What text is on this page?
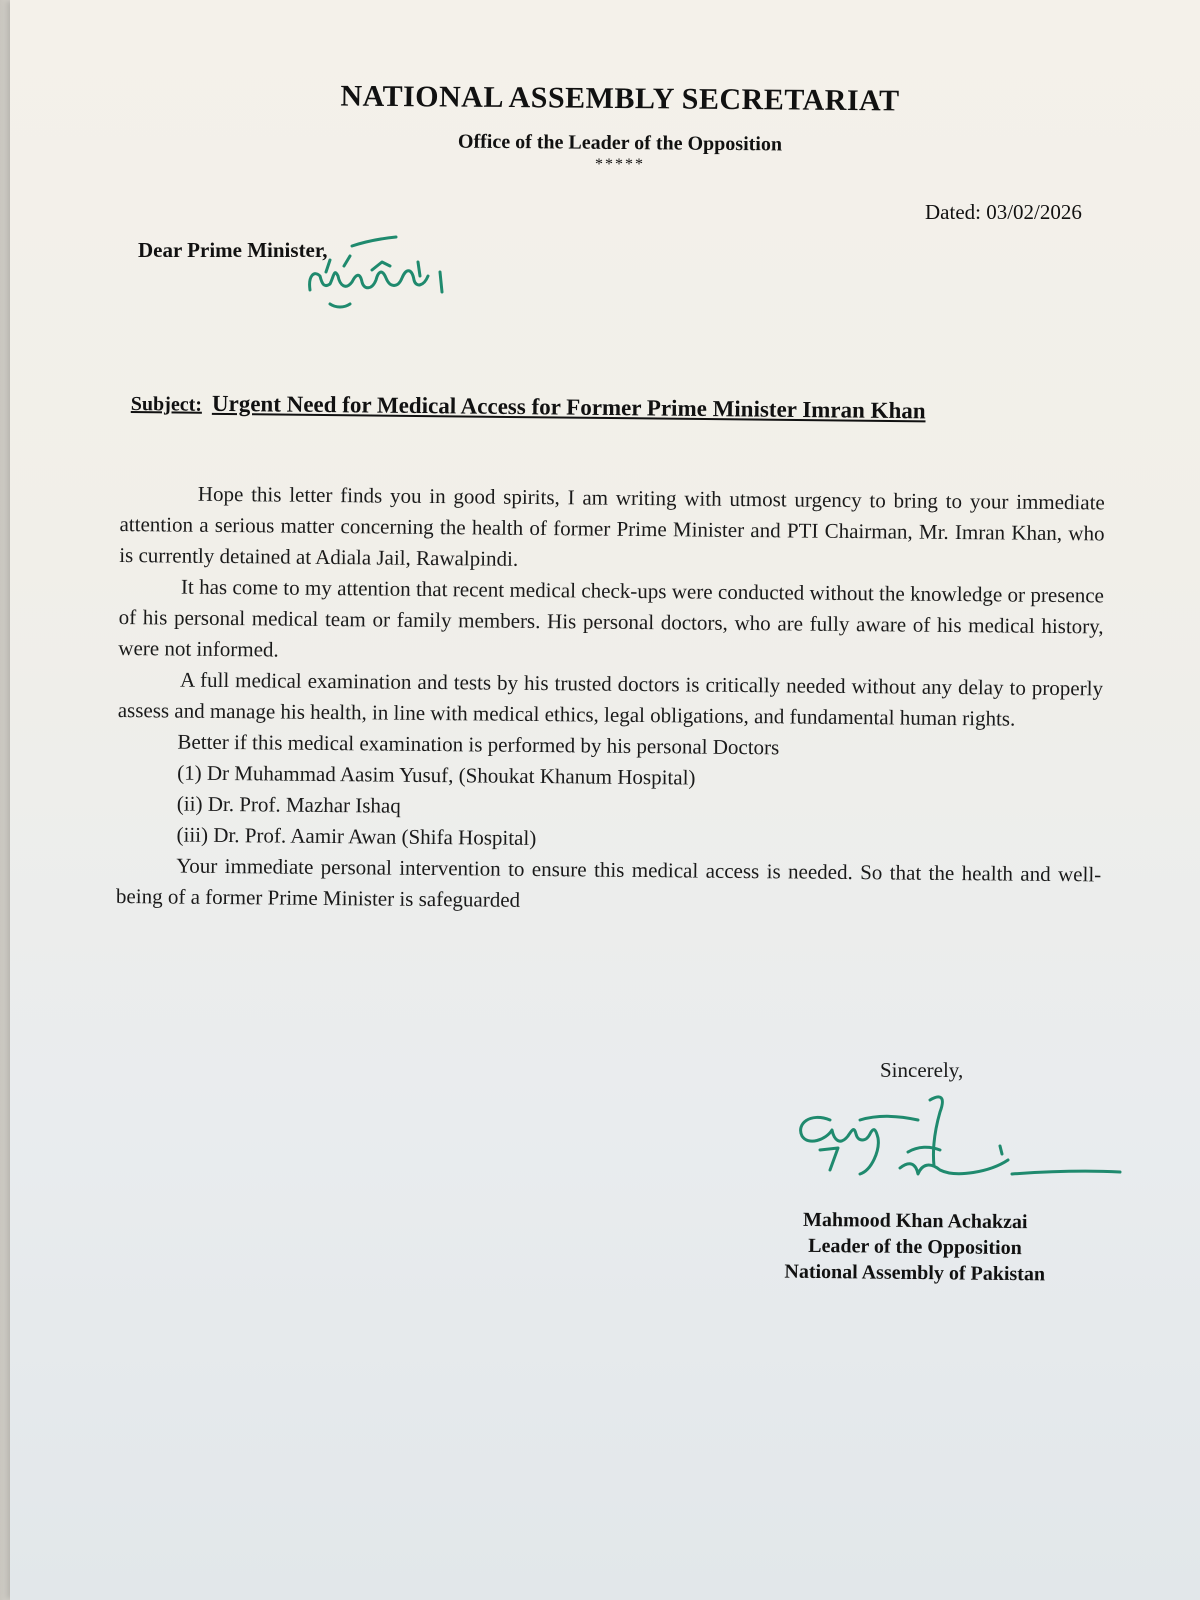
NATIONAL ASSEMBLY SECRETARIAT
Office of the Leader of the Opposition
*****
Dated: 03/02/2026
Dear Prime Minister,
Subject: Urgent Need for Medical Access for Former Prime Minister Imran Khan

Hope this letter finds you in good spirits, I am writing with utmost urgency to bring to your immediate attention a serious matter concerning the health of former Prime Minister and PTI Chairman, Mr. Imran Khan, who is currently detained at Adiala Jail, Rawalpindi.

It has come to my attention that recent medical check-ups were conducted without the knowledge or presence of his personal medical team or family members. His personal doctors, who are fully aware of his medical history, were not informed.

A full medical examination and tests by his trusted doctors is critically needed without any delay to properly assess and manage his health, in line with medical ethics, legal obligations, and fundamental human rights.

Better if this medical examination is performed by his personal Doctors

(1) Dr Muhammad Aasim Yusuf, (Shoukat Khanum Hospital)

(ii) Dr. Prof. Mazhar Ishaq

(iii) Dr. Prof. Aamir Awan (Shifa Hospital)

Your immediate personal intervention to ensure this medical access is needed. So that the health and well-being of a former Prime Minister is safeguarded

Sincerely,
Mahmood Khan Achakzai
Leader of the Opposition
National Assembly of Pakistan
